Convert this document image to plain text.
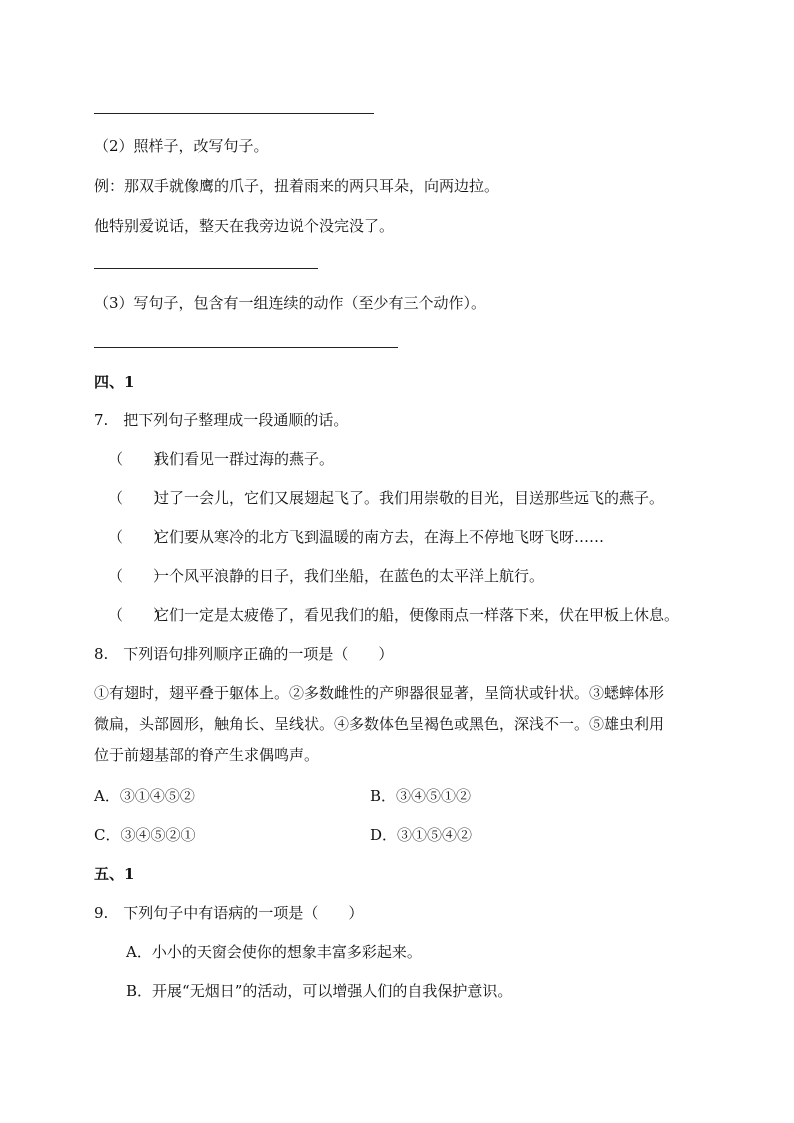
（2）照样子，改写句子。
例：那双手就像鹰的爪子，扭着雨来的两只耳朵，向两边拉。
他特别爱说话，整天在我旁边说个没完没了。
（3）写句子，包含有一组连续的动作（至少有三个动作）。
四、1
7.　把下列句子整理成一段通顺的话。
（　　）我们看见一群过海的燕子。
（　　）过了一会儿，它们又展翅起飞了。我们用崇敬的目光，目送那些远飞的燕子。
（　　）它们要从寒冷的北方飞到温暖的南方去，在海上不停地飞呀飞呀……
（　　）一个风平浪静的日子，我们坐船，在蓝色的太平洋上航行。
（　　）它们一定是太疲倦了，看见我们的船，便像雨点一样落下来，伏在甲板上休息。
8.　下列语句排列顺序正确的一项是（　　）
①有翅时，翅平叠于躯体上。②多数雌性的产卵器很显著，呈筒状或针状。③蟋蟀体形
微扁，头部圆形，触角长、呈线状。④多数体色呈褐色或黑色，深浅不一。⑤雄虫利用
位于前翅基部的脊产生求偶鸣声。
A．③①④⑤②	B．③④⑤①②
C．③④⑤②①	D．③①⑤④②
五、1
9.　下列句子中有语病的一项是（　　）
A．小小的天窗会使你的想象丰富多彩起来。
B．开展“无烟日”的活动，可以增强人们的自我保护意识。
